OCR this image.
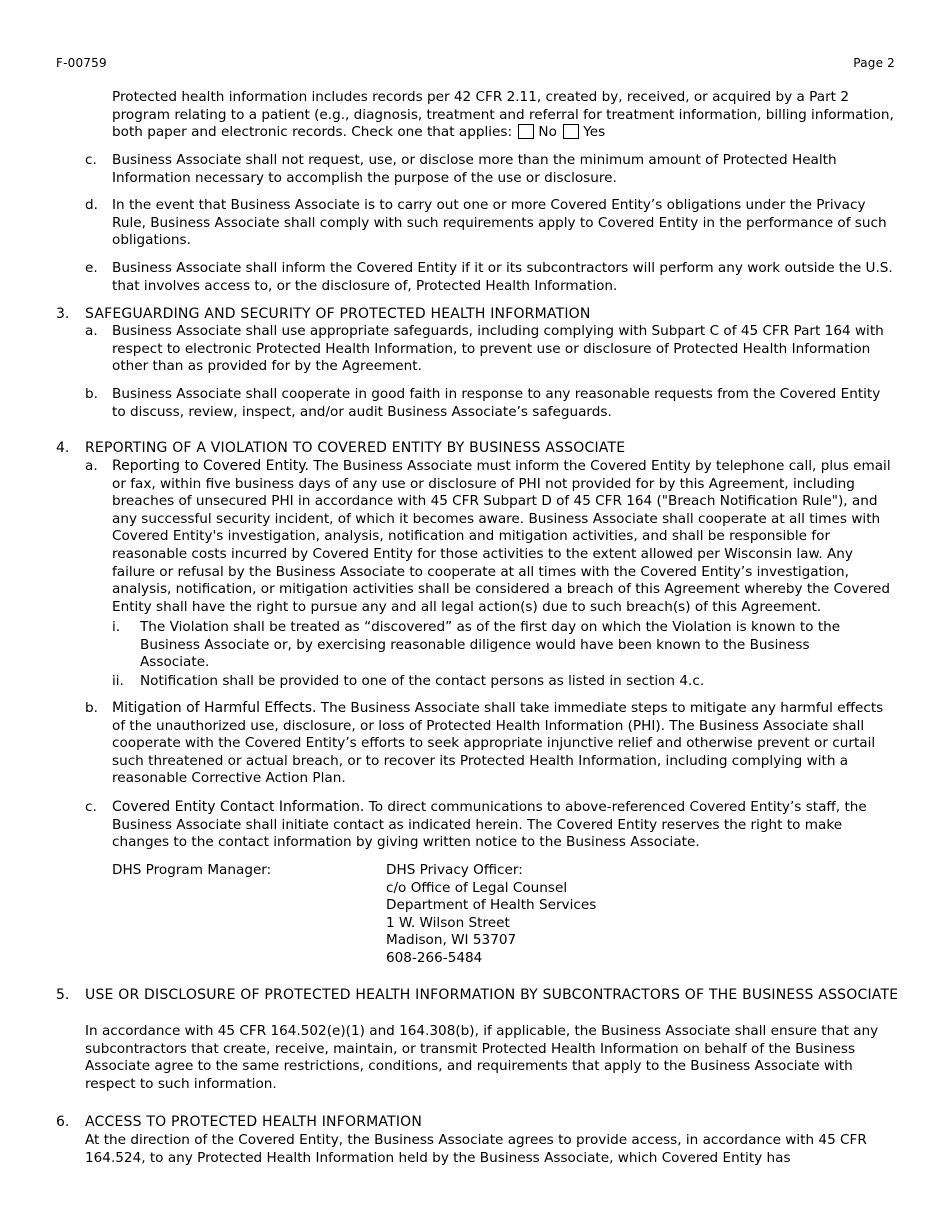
F-00759	Page 2
Protected health information includes records per 42 CFR 2.11, created by, received, or acquired by a Part 2 program relating to a patient (e.g., diagnosis, treatment and referral for treatment information, billing information, both paper and electronic records. Check one that applies: No Yes
c. Business Associate shall not request, use, or disclose more than the minimum amount of Protected Health Information necessary to accomplish the purpose of the use or disclosure.
d. In the event that Business Associate is to carry out one or more Covered Entity’s obligations under the Privacy Rule, Business Associate shall comply with such requirements apply to Covered Entity in the performance of such obligations.
e. Business Associate shall inform the Covered Entity if it or its subcontractors will perform any work outside the U.S. that involves access to, or the disclosure of, Protected Health Information.
3. SAFEGUARDING AND SECURITY OF PROTECTED HEALTH INFORMATION
a. Business Associate shall use appropriate safeguards, including complying with Subpart C of 45 CFR Part 164 with respect to electronic Protected Health Information, to prevent use or disclosure of Protected Health Information other than as provided for by the Agreement.
b. Business Associate shall cooperate in good faith in response to any reasonable requests from the Covered Entity to discuss, review, inspect, and/or audit Business Associate’s safeguards.
4. REPORTING OF A VIOLATION TO COVERED ENTITY BY BUSINESS ASSOCIATE
a. Reporting to Covered Entity. The Business Associate must inform the Covered Entity by telephone call, plus email or fax, within five business days of any use or disclosure of PHI not provided for by this Agreement, including breaches of unsecured PHI in accordance with 45 CFR Subpart D of 45 CFR 164 ("Breach Notification Rule"), and any successful security incident, of which it becomes aware. Business Associate shall cooperate at all times with Covered Entity's investigation, analysis, notification and mitigation activities, and shall be responsible for reasonable costs incurred by Covered Entity for those activities to the extent allowed per Wisconsin law. Any failure or refusal by the Business Associate to cooperate at all times with the Covered Entity’s investigation, analysis, notification, or mitigation activities shall be considered a breach of this Agreement whereby the Covered Entity shall have the right to pursue any and all legal action(s) due to such breach(s) of this Agreement.
i. The Violation shall be treated as “discovered” as of the first day on which the Violation is known to the Business Associate or, by exercising reasonable diligence would have been known to the Business Associate.
ii. Notification shall be provided to one of the contact persons as listed in section 4.c.
b. Mitigation of Harmful Effects. The Business Associate shall take immediate steps to mitigate any harmful effects of the unauthorized use, disclosure, or loss of Protected Health Information (PHI). The Business Associate shall cooperate with the Covered Entity’s efforts to seek appropriate injunctive relief and otherwise prevent or curtail such threatened or actual breach, or to recover its Protected Health Information, including complying with a reasonable Corrective Action Plan.
c. Covered Entity Contact Information. To direct communications to above-referenced Covered Entity’s staff, the Business Associate shall initiate contact as indicated herein. The Covered Entity reserves the right to make changes to the contact information by giving written notice to the Business Associate.
DHS Program Manager:	DHS Privacy Officer:
c/o Office of Legal Counsel
Department of Health Services
1 W. Wilson Street
Madison, WI 53707
608-266-5484
5. USE OR DISCLOSURE OF PROTECTED HEALTH INFORMATION BY SUBCONTRACTORS OF THE BUSINESS ASSOCIATE
In accordance with 45 CFR 164.502(e)(1) and 164.308(b), if applicable, the Business Associate shall ensure that any subcontractors that create, receive, maintain, or transmit Protected Health Information on behalf of the Business Associate agree to the same restrictions, conditions, and requirements that apply to the Business Associate with respect to such information.
6. ACCESS TO PROTECTED HEALTH INFORMATION
At the direction of the Covered Entity, the Business Associate agrees to provide access, in accordance with 45 CFR 164.524, to any Protected Health Information held by the Business Associate, which Covered Entity has
